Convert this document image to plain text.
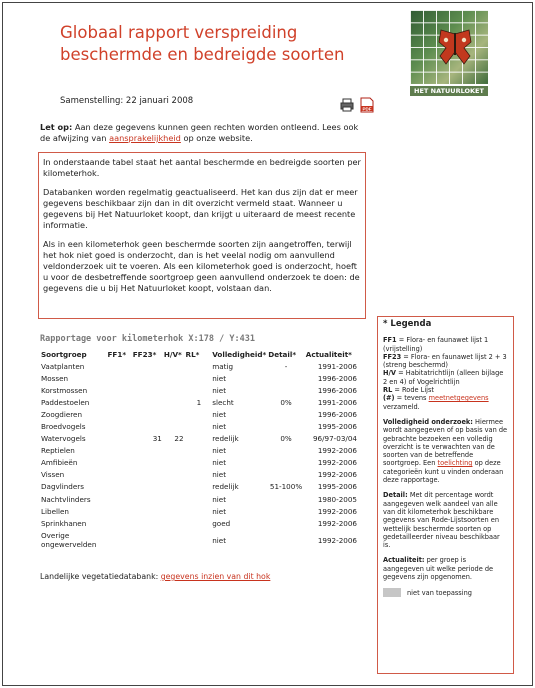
Globaal rapport verspreiding
beschermde en bedreigde soorten
HET NATUURLOKET
Samenstelling: 22 januari 2008
PDF
Let op: Aan deze gegevens kunnen geen rechten worden ontleend. Lees ook de afwijzing van aansprakelijkheid op onze website.

In onderstaande tabel staat het aantal beschermde en bedreigde soorten per kilometerhok.

Databanken worden regelmatig geactualiseerd. Het kan dus zijn dat er meer gegevens beschikbaar zijn dan in dit overzicht vermeld staat. Wanneer u gegevens bij Het Natuurloket koopt, dan krijgt u uiteraard de meest recente informatie.

Als in een kilometerhok geen beschermde soorten zijn aangetroffen, terwijl het hok niet goed is onderzocht, dan is het veelal nodig om aanvullend veldonderzoek uit te voeren. Als een kilometerhok goed is onderzocht, hoeft u voor de desbetreffende soortgroep geen aanvullend onderzoek te doen: de gegevens die u bij Het Natuurloket koopt, volstaan dan.

Rapportage voor kilometerhok X:178 / Y:431
Soortgroep	FF1*	FF23*	H/V*	RL*	Volledigheid*	Detail*	Actualiteit*
Vaatplanten					matig	-	1991-2006
Mossen					niet		1996-2006
Korstmossen					niet		1996-2006
Paddestoelen				1	slecht	0%	1991-2006
Zoogdieren					niet		1996-2006
Broedvogels					niet		1995-2006
Watervogels		31	22		redelijk	0%	96/97-03/04
Reptielen					niet		1992-2006
Amfibieën					niet		1992-2006
Vissen					niet		1992-2006
Dagvlinders					redelijk	51-100%	1995-2006
Nachtvlinders					niet		1980-2005
Libellen					niet		1992-2006
Sprinkhanen					goed		1992-2006

Overige
ongewervelden					niet		1992-2006
Landelijke vegetatiedatabank: gegevens inzien van dit hok
* Legenda

FF1 = Flora- en faunawet lijst 1 (vrijstelling)
FF23 = Flora- en faunawet lijst 2 + 3 (streng beschermd)
H/V = Habitatrichtlijn (alleen bijlage 2 en 4) of Vogelrichtlijn
RL = Rode Lijst
(#) = tevens meetnetgegevens verzameld.

Volledigheid onderzoek: Hiermee wordt aangegeven of op basis van de gebrachte bezoeken een volledig overzicht is te verwachten van de soorten van de betreffende soortgroep. Een toelichting op deze categorieën kunt u vinden onderaan deze rapportage.

Detail: Met dit percentage wordt aangegeven welk aandeel van alle van dit kilometerhok beschikbare gegevens van Rode-Lijstsoorten en wettelijk beschermde soorten op gedetailleerder niveau beschikbaar is.

Actualiteit: per groep is aangegeven uit welke periode de gegevens zijn opgenomen.

niet van toepassing
